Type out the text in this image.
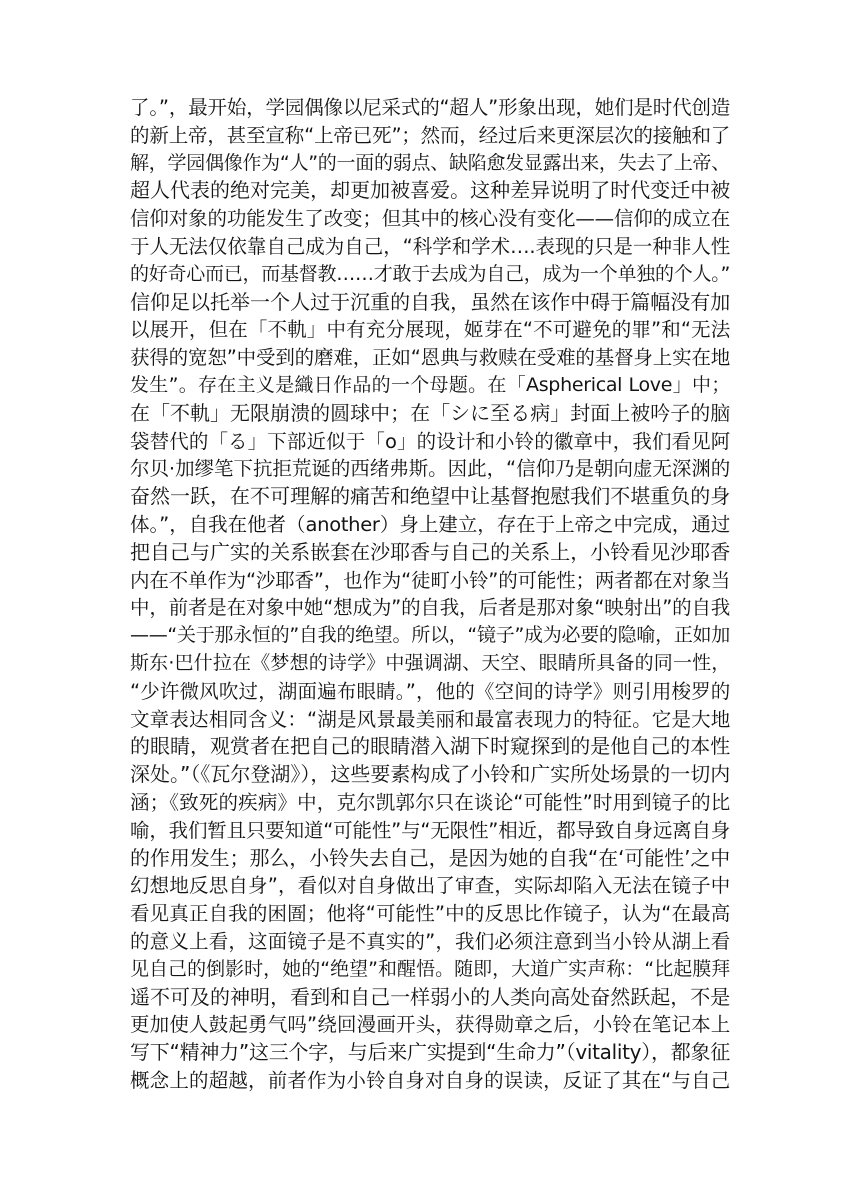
了。”，最开始，学园偶像以尼采式的“超人”形象出现，她们是时代创造
的新上帝，甚至宣称“上帝已死”；然而，经过后来更深层次的接触和了
解，学园偶像作为“人”的一面的弱点、缺陷愈发显露出来，失去了上帝、
超人代表的绝对完美，却更加被喜爱。这种差异说明了时代变迁中被
信仰对象的功能发生了改变；但其中的核心没有变化——信仰的成立在
于人无法仅依靠自己成为自己，“科学和学术….表现的只是一种非人性
的好奇心而已，而基督教……才敢于去成为自己，成为一个单独的个人。”
信仰足以托举一个人过于沉重的自我，虽然在该作中碍于篇幅没有加
以展开，但在「不軌」中有充分展现，姬芽在“不可避免的罪”和“无法
获得的宽恕”中受到的磨难，正如“恩典与救赎在受难的基督身上实在地
发生”。存在主义是織日作品的一个母题。在「Aspherical Love」中；
在「不軌」无限崩溃的圆球中；在「シに至る病」封面上被吟子的脑
袋替代的「る」下部近似于「o」的设计和小铃的徽章中，我们看见阿
尔贝·加缪笔下抗拒荒诞的西绪弗斯。因此，“信仰乃是朝向虚无深渊的
奋然一跃，在不可理解的痛苦和绝望中让基督抱慰我们不堪重负的身
体。”，自我在他者（another）身上建立，存在于上帝之中完成，通过
把自己与广实的关系嵌套在沙耶香与自己的关系上，小铃看见沙耶香
内在不单作为“沙耶香”，也作为“徒町小铃”的可能性；两者都在对象当
中，前者是在对象中她“想成为”的自我，后者是那对象“映射出”的自我
——“关于那永恒的”自我的绝望。所以，“镜子”成为必要的隐喻，正如加
斯东·巴什拉在《梦想的诗学》中强调湖、天空、眼睛所具备的同一性，
“少许微风吹过，湖面遍布眼睛。”，他的《空间的诗学》则引用梭罗的
文章表达相同含义：“湖是风景最美丽和最富表现力的特征。它是大地
的眼睛，观赏者在把自己的眼睛潜入湖下时窥探到的是他自己的本性
深处。”（《瓦尔登湖》），这些要素构成了小铃和广实所处场景的一切内
涵；《致死的疾病》中，克尔凯郭尔只在谈论“可能性”时用到镜子的比
喻，我们暂且只要知道“可能性”与“无限性”相近，都导致自身远离自身
的作用发生；那么，小铃失去自己，是因为她的自我“在‘可能性’之中
幻想地反思自身”，看似对自身做出了审查，实际却陷入无法在镜子中
看见真正自我的困圄；他将“可能性”中的反思比作镜子，认为“在最高
的意义上看，这面镜子是不真实的”，我们必须注意到当小铃从湖上看
见自己的倒影时，她的“绝望”和醒悟。随即，大道广实声称：“比起膜拜
遥不可及的神明，看到和自己一样弱小的人类向高处奋然跃起，不是
更加使人鼓起勇气吗”绕回漫画开头，获得勋章之后，小铃在笔记本上
写下“精神力”这三个字，与后来广实提到“生命力”（vitality），都象征
概念上的超越，前者作为小铃自身对自身的误读，反证了其在“与自己
